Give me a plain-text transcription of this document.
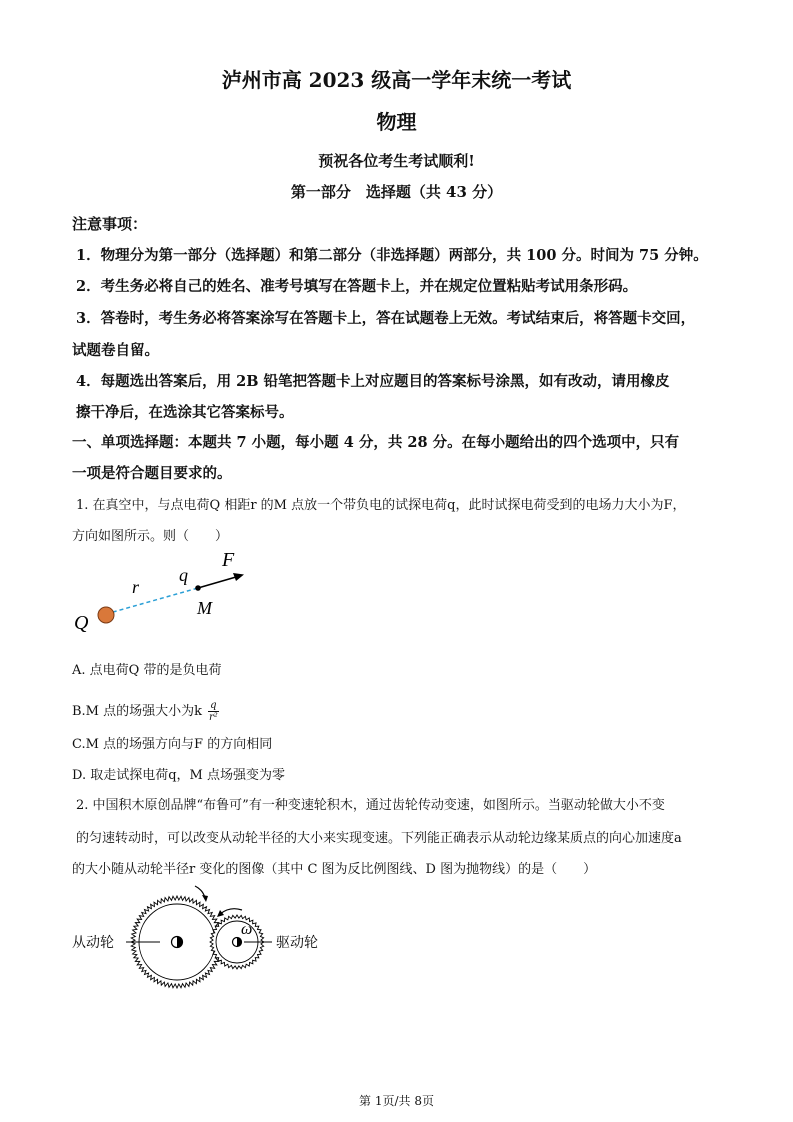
泸州市高 2023 级高一学年末统一考试
物理
预祝各位考生考试顺利!
第一部分　选择题（共 43 分）
注意事项：
1．物理分为第一部分（选择题）和第二部分（非选择题）两部分，共 100 分。时间为 75 分钟。
2．考生务必将自己的姓名、准考号填写在答题卡上，并在规定位置粘贴考试用条形码。
3．答卷时，考生务必将答案涂写在答题卡上，答在试题卷上无效。考试结束后，将答题卡交回，
试题卷自留。
4．每题选出答案后，用 2B 铅笔把答题卡上对应题目的答案标号涂黑，如有改动，请用橡皮
擦干净后，在选涂其它答案标号。
一、单项选择题：本题共 7 小题，每小题 4 分，共 28 分。在每小题给出的四个选项中，只有
一项是符合题目要求的。
1. 在真空中，与点电荷Q 相距r 的M 点放一个带负电的试探电荷q，此时试探电荷受到的电场力大小为F，
方向如图所示。则（　　）
F
r
q
M
Q
A. 点电荷Q 带的是负电荷
B.M 点的场强大小为k $\frac{q}{\text{r²}}$
C.M 点的场强方向与F 的方向相同
D. 取走试探电荷q，M 点场强变为零
2. 中国积木原创品牌“布鲁可”有一种变速轮积木，通过齿轮传动变速，如图所示。当驱动轮做大小不变
的匀速转动时，可以改变从动轮半径的大小来实现变速。下列能正确表示从动轮边缘某质点的向心加速度a
的大小随从动轮半径r 变化的图像（其中 C 图为反比例图线、D 图为抛物线）的是（　　）
ω
从动轮	驱动轮
第 1页/共 8页
